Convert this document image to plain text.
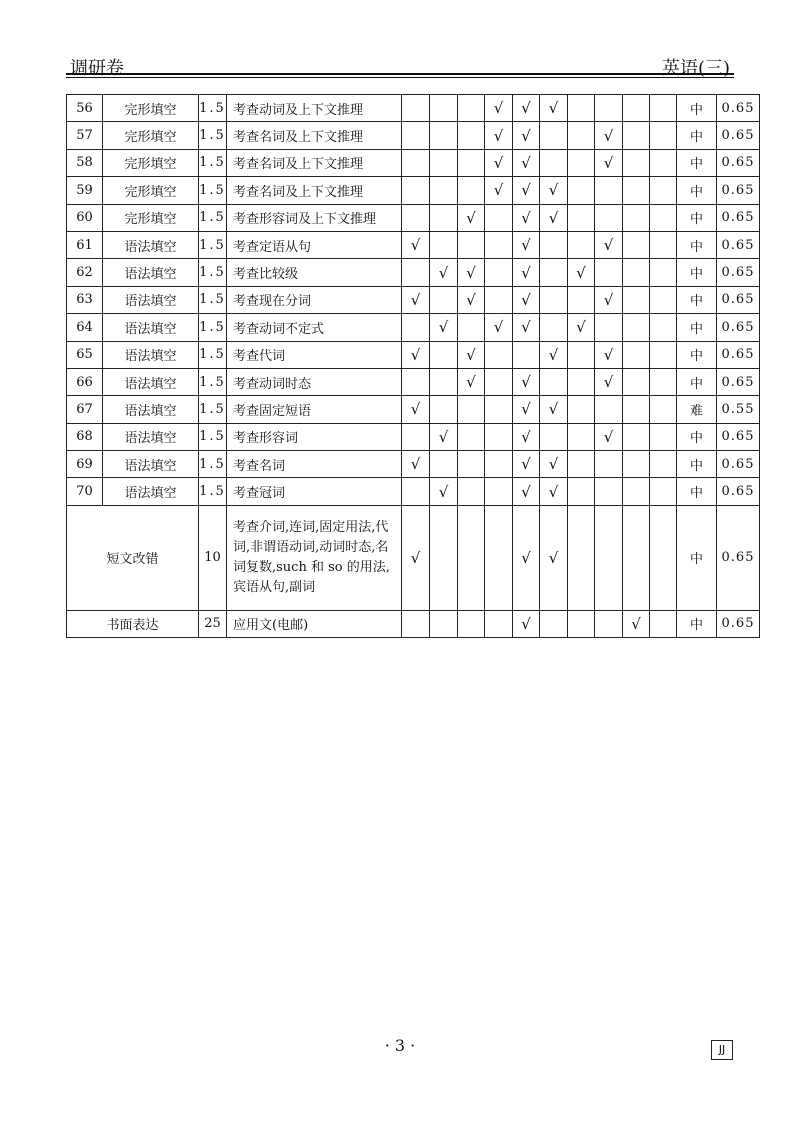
调研卷	英语(三)
56	完形填空	1.5	考查动词及上下文推理				√	√	√					中	0.65
57	完形填空	1.5	考查名词及上下文推理				√	√			√			中	0.65
58	完形填空	1.5	考查名词及上下文推理				√	√			√			中	0.65
59	完形填空	1.5	考查名词及上下文推理				√	√	√					中	0.65
60	完形填空	1.5	考查形容词及上下文推理			√		√	√					中	0.65
61	语法填空	1.5	考查定语从句	√				√			√			中	0.65
62	语法填空	1.5	考查比较级		√	√		√		√				中	0.65
63	语法填空	1.5	考查现在分词	√		√		√			√			中	0.65
64	语法填空	1.5	考查动词不定式		√		√	√		√				中	0.65
65	语法填空	1.5	考查代词	√		√			√		√			中	0.65
66	语法填空	1.5	考查动词时态			√		√			√			中	0.65
67	语法填空	1.5	考查固定短语	√				√	√					难	0.55
68	语法填空	1.5	考查形容词		√			√			√			中	0.65
69	语法填空	1.5	考查名词	√				√	√					中	0.65
70	语法填空	1.5	考查冠词		√			√	√					中	0.65
短文改错		10	考查介词,连词,固定用法,代词,非谓语动词,动词时态,名词复数,such 和 so 的用法,宾语从句,副词	√				√	√					中	0.65
书面表达		25	应用文(电邮)					√				√		中	0.65
· 3 ·	JJ
